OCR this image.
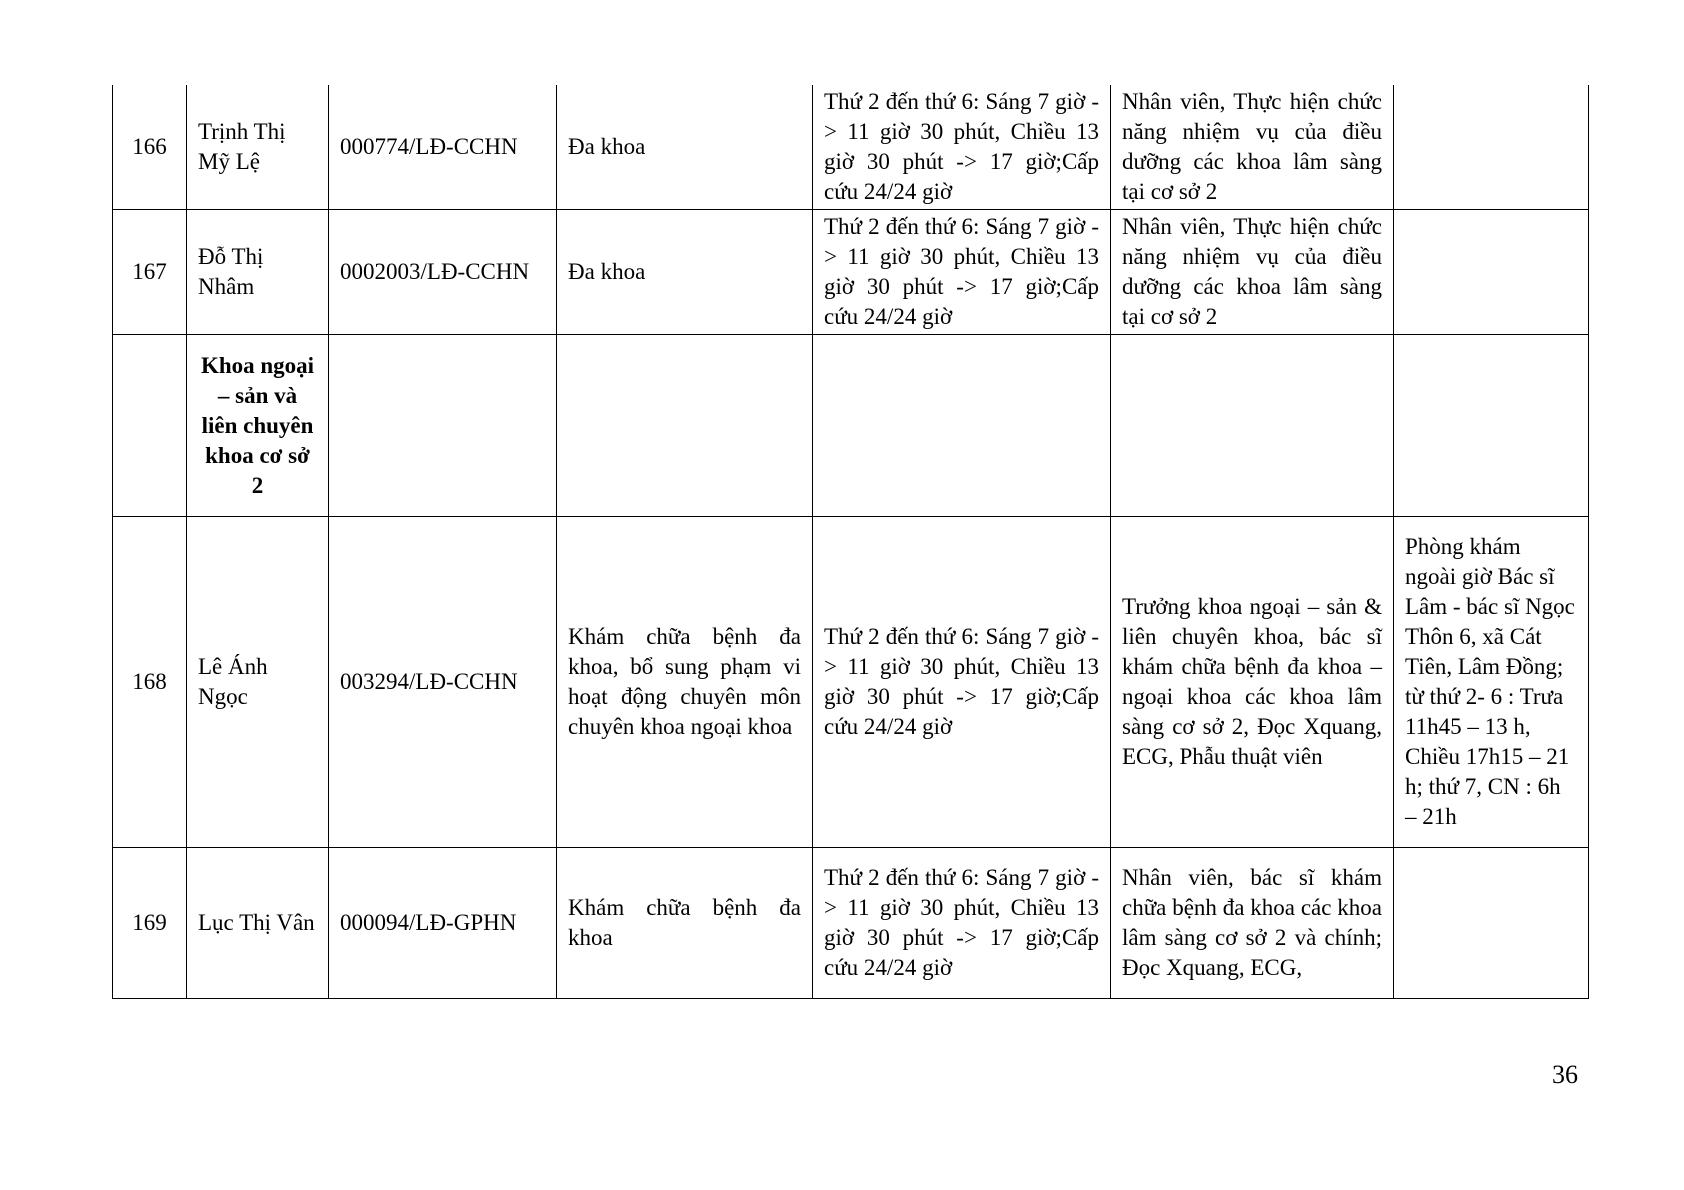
166	Trịnh Thị Mỹ Lệ	000774/LĐ-CCHN	Đa khoa	Thứ 2 đến thứ 6: Sáng 7 giờ -> 11 giờ 30 phút, Chiều 13 giờ 30 phút -> 17 giờ;Cấp cứu 24/24 giờ	Nhân viên, Thực hiện chức năng nhiệm vụ của điều dưỡng các khoa lâm sàng tại cơ sở 2	
167	Đỗ Thị Nhâm	0002003/LĐ-CCHN	Đa khoa	Thứ 2 đến thứ 6: Sáng 7 giờ -> 11 giờ 30 phút, Chiều 13 giờ 30 phút -> 17 giờ;Cấp cứu 24/24 giờ	Nhân viên, Thực hiện chức năng nhiệm vụ của điều dưỡng các khoa lâm sàng tại cơ sở 2	
	Khoa ngoại – sản và liên chuyên khoa cơ sở 2					
168	Lê Ánh Ngọc	003294/LĐ-CCHN	Khám chữa bệnh đa khoa, bổ sung phạm vi hoạt động chuyên môn chuyên khoa ngoại khoa	Thứ 2 đến thứ 6: Sáng 7 giờ -> 11 giờ 30 phút, Chiều 13 giờ 30 phút -> 17 giờ;Cấp cứu 24/24 giờ	Trưởng khoa ngoại – sản & liên chuyên khoa, bác sĩ khám chữa bệnh đa khoa – ngoại khoa các khoa lâm sàng cơ sở 2, Đọc Xquang, ECG, Phẫu thuật viên	Phòng khám ngoài giờ Bác sĩ Lâm - bác sĩ Ngọc Thôn 6, xã Cát Tiên, Lâm Đồng; từ thứ 2- 6 : Trưa 11h45 – 13 h, Chiều 17h15 – 21 h; thứ 7, CN : 6h – 21h
169	Lục Thị Vân	000094/LĐ-GPHN	Khám chữa bệnh đa khoa	Thứ 2 đến thứ 6: Sáng 7 giờ -> 11 giờ 30 phút, Chiều 13 giờ 30 phút -> 17 giờ;Cấp cứu 24/24 giờ	Nhân viên, bác sĩ khám chữa bệnh đa khoa các khoa lâm sàng cơ sở 2 và chính; Đọc Xquang, ECG,	
36
